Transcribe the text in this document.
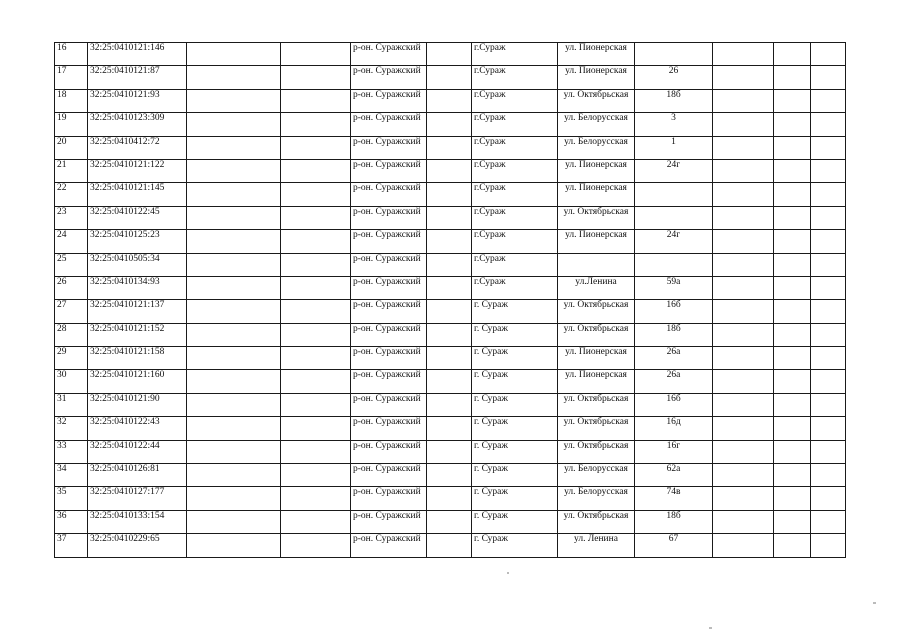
16	32:25:0410121:146			р-он. Суражский		г.Сураж	ул. Пионерская				
17	32:25:0410121:87			р-он. Суражский		г.Сураж	ул. Пионерская	26			
18	32:25:0410121:93			р-он. Суражский		г.Сураж	ул. Октябрьская	18б			
19	32:25:0410123:309			р-он. Суражский		г.Сураж	ул. Белорусская	3			
20	32:25:0410412:72			р-он. Суражский		г.Сураж	ул. Белорусская	1			
21	32:25:0410121:122			р-он. Суражский		г.Сураж	ул. Пионерская	24г			
22	32:25:0410121:145			р-он. Суражский		г.Сураж	ул. Пионерская				
23	32:25:0410122:45			р-он. Суражский		г.Сураж	ул. Октябрьская				
24	32:25:0410125:23			р-он. Суражский		г.Сураж	ул. Пионерская	24г			
25	32:25:0410505:34			р-он. Суражский		г.Сураж					
26	32:25:0410134:93			р-он. Суражский		г.Сураж	ул.Ленина	59а			
27	32:25:0410121:137			р-он. Суражский		г. Сураж	ул. Октябрьская	16б			
28	32:25:0410121:152			р-он. Суражский		г. Сураж	ул. Октябрьская	18б			
29	32:25:0410121:158			р-он. Суражский		г. Сураж	ул. Пионерская	26а			
30	32:25:0410121:160			р-он. Суражский		г. Сураж	ул. Пионерская	26а			
31	32:25:0410121:90			р-он. Суражский		г. Сураж	ул. Октябрьская	16б			
32	32:25:0410122:43			р-он. Суражский		г. Сураж	ул. Октябрьская	16д			
33	32:25:0410122:44			р-он. Суражский		г. Сураж	ул. Октябрьская	16г			
34	32:25:0410126:81			р-он. Суражский		г. Сураж	ул. Белорусская	62а			
35	32:25:0410127:177			р-он. Суражский		г. Сураж	ул. Белорусская	74в			
36	32:25:0410133:154			р-он. Суражский		г. Сураж	ул. Октябрьская	18б			
37	32:25:0410229:65			р-он. Суражский		г. Сураж	ул. Ленина	67			
